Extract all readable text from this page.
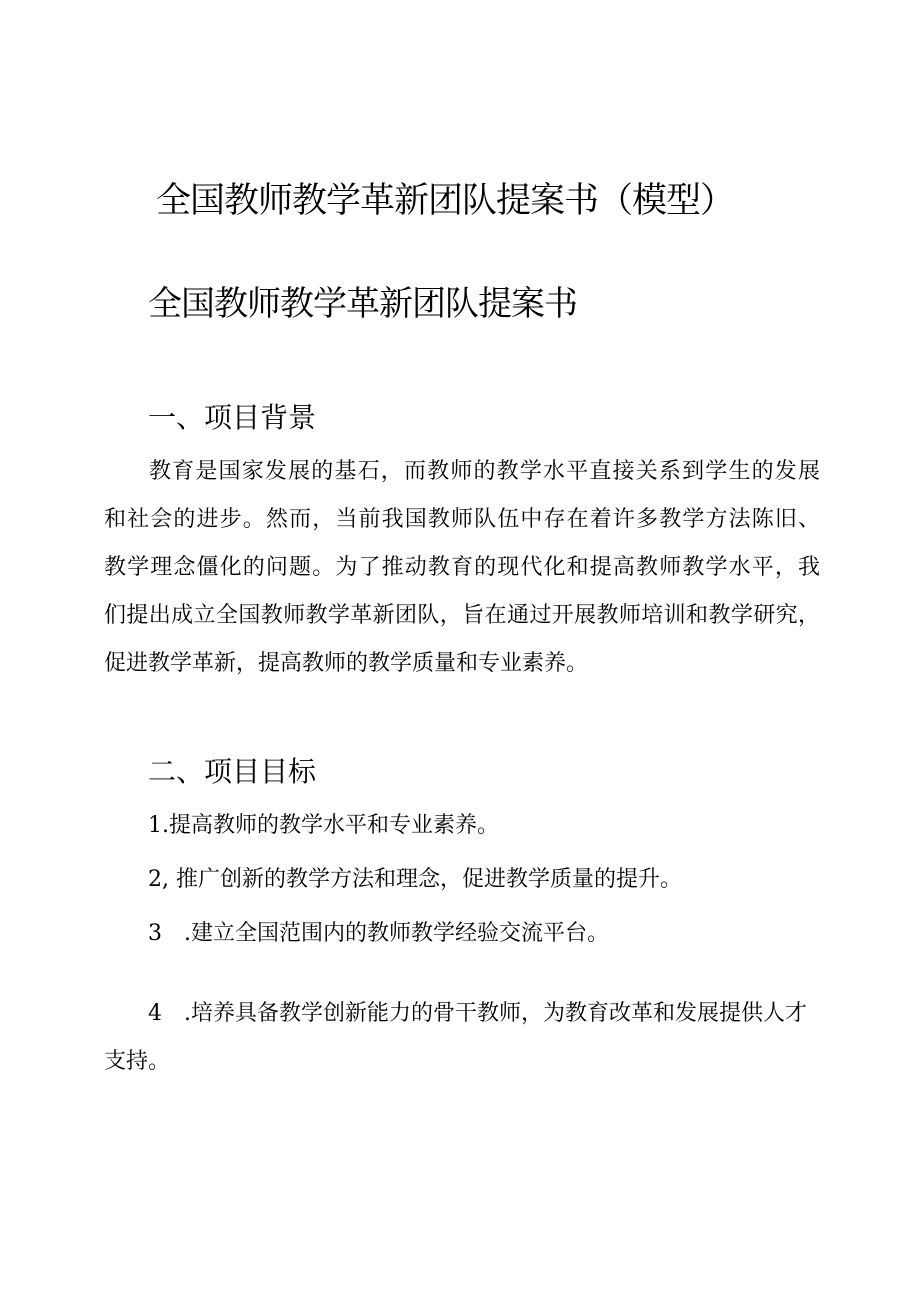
全国教师教学革新团队提案书（模型）
全国教师教学革新团队提案书
一、项目背景
教育是国家发展的基石，而教师的教学水平直接关系到学生的发展
和社会的进步。然而，当前我国教师队伍中存在着许多教学方法陈旧、
教学理念僵化的问题。为了推动教育的现代化和提高教师教学水平，我
们提出成立全国教师教学革新团队，旨在通过开展教师培训和教学研究，
促进教学革新，提高教师的教学质量和专业素养。
二、项目目标
1.提高教师的教学水平和专业素养。
2, 推广创新的教学方法和理念，促进教学质量的提升。
3　.建立全国范围内的教师教学经验交流平台。
4　.培养具备教学创新能力的骨干教师，为教育改革和发展提供人才
支持。
